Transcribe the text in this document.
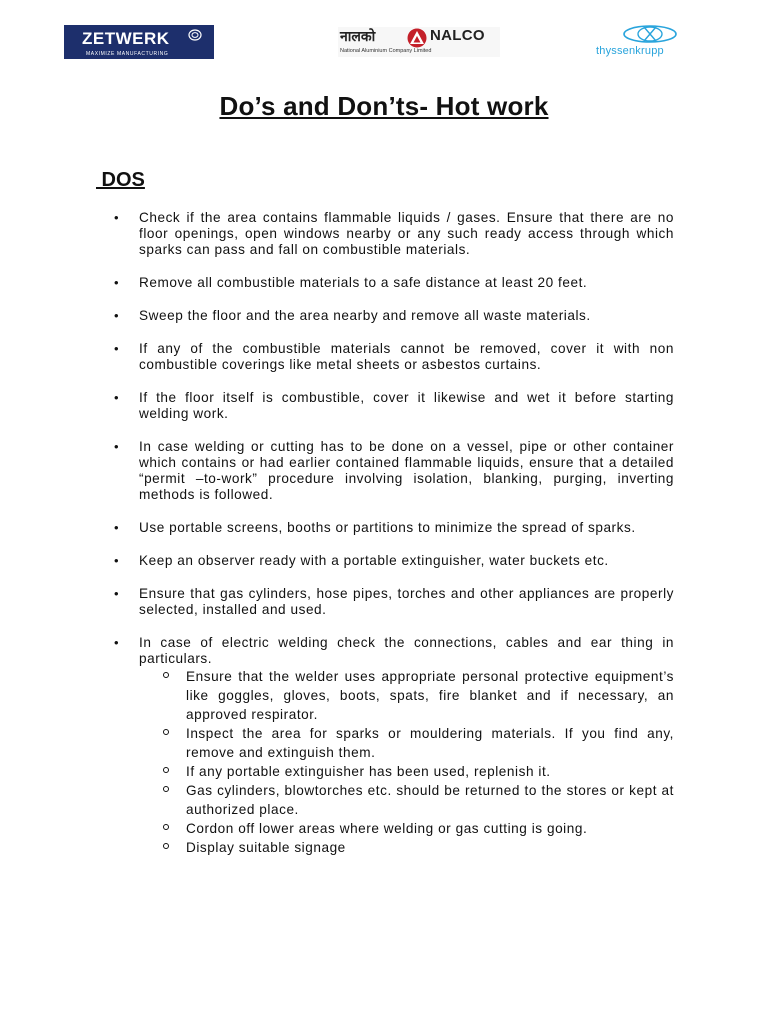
ZETWERK
MAXIMIZE MANUFACTURING
नालको	NALCO
National Aluminium Company Limited	thyssenkrupp
Do’s and Don’ts- Hot work
DOS
• Check if the area contains flammable liquids / gases. Ensure that there are no floor openings, open windows nearby or any such ready access through which sparks can pass and fall on combustible materials.
• Remove all combustible materials to a safe distance at least 20 feet.
• Sweep the floor and the area nearby and remove all waste materials.
• If any of the combustible materials cannot be removed, cover it with non combustible coverings like metal sheets or asbestos curtains.
• If the floor itself is combustible, cover it likewise and wet it before starting welding work.
• In case welding or cutting has to be done on a vessel, pipe or other container which contains or had earlier contained flammable liquids, ensure that a detailed “permit –to-work” procedure involving isolation, blanking, purging, inverting methods is followed.
• Use portable screens, booths or partitions to minimize the spread of sparks.
• Keep an observer ready with a portable extinguisher, water buckets etc.
• Ensure that gas cylinders, hose pipes, torches and other appliances are properly selected, installed and used.
• In case of electric welding check the connections, cables and ear thing in particulars.
Ensure that the welder uses appropriate personal protective equipment’s like goggles, gloves, boots, spats, fire blanket and if necessary, an approved respirator.
Inspect the area for sparks or mouldering materials. If you find any, remove and extinguish them.
If any portable extinguisher has been used, replenish it.
Gas cylinders, blowtorches etc. should be returned to the stores or kept at authorized place.
Cordon off lower areas where welding or gas cutting is going.
Display suitable signage
